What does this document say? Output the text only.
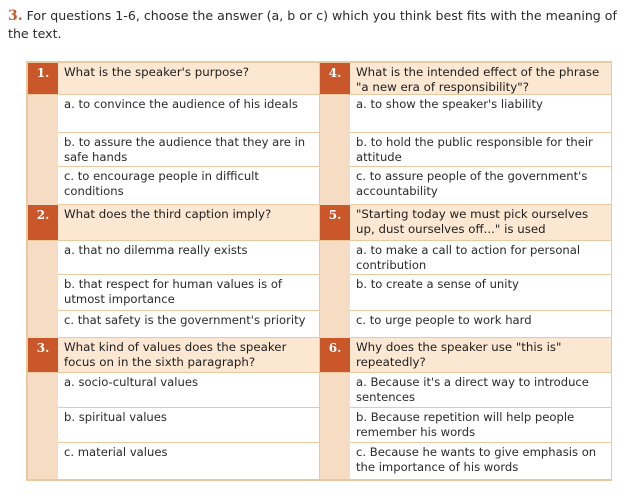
3. For questions 1-6, choose the answer (a, b or c) which you think best fits with the meaning of the text.
1.	What is the speaker's purpose?
a. to convince the audience of his ideals
b. to assure the audience that they are in safe hands
c. to encourage people in difficult conditions
2.	What does the third caption imply?
a. that no dilemma really exists
b. that respect for human values is of utmost importance
c. that safety is the government's priority
3.	What kind of values does the speaker focus on in the sixth paragraph?
a. socio-cultural values
b. spiritual values
c. material values
4.	What is the intended effect of the phrase "a new era of responsibility"?
a. to show the speaker's liability
b. to hold the public responsible for their attitude
c. to assure people of the government's accountability
5.	"Starting today we must pick ourselves up, dust ourselves off..." is used
a. to make a call to action for personal contribution
b. to create a sense of unity
c. to urge people to work hard
6.	Why does the speaker use "this is" repeatedly?
a. Because it's a direct way to introduce sentences
b. Because repetition will help people remember his words
c. Because he wants to give emphasis on the importance of his words
